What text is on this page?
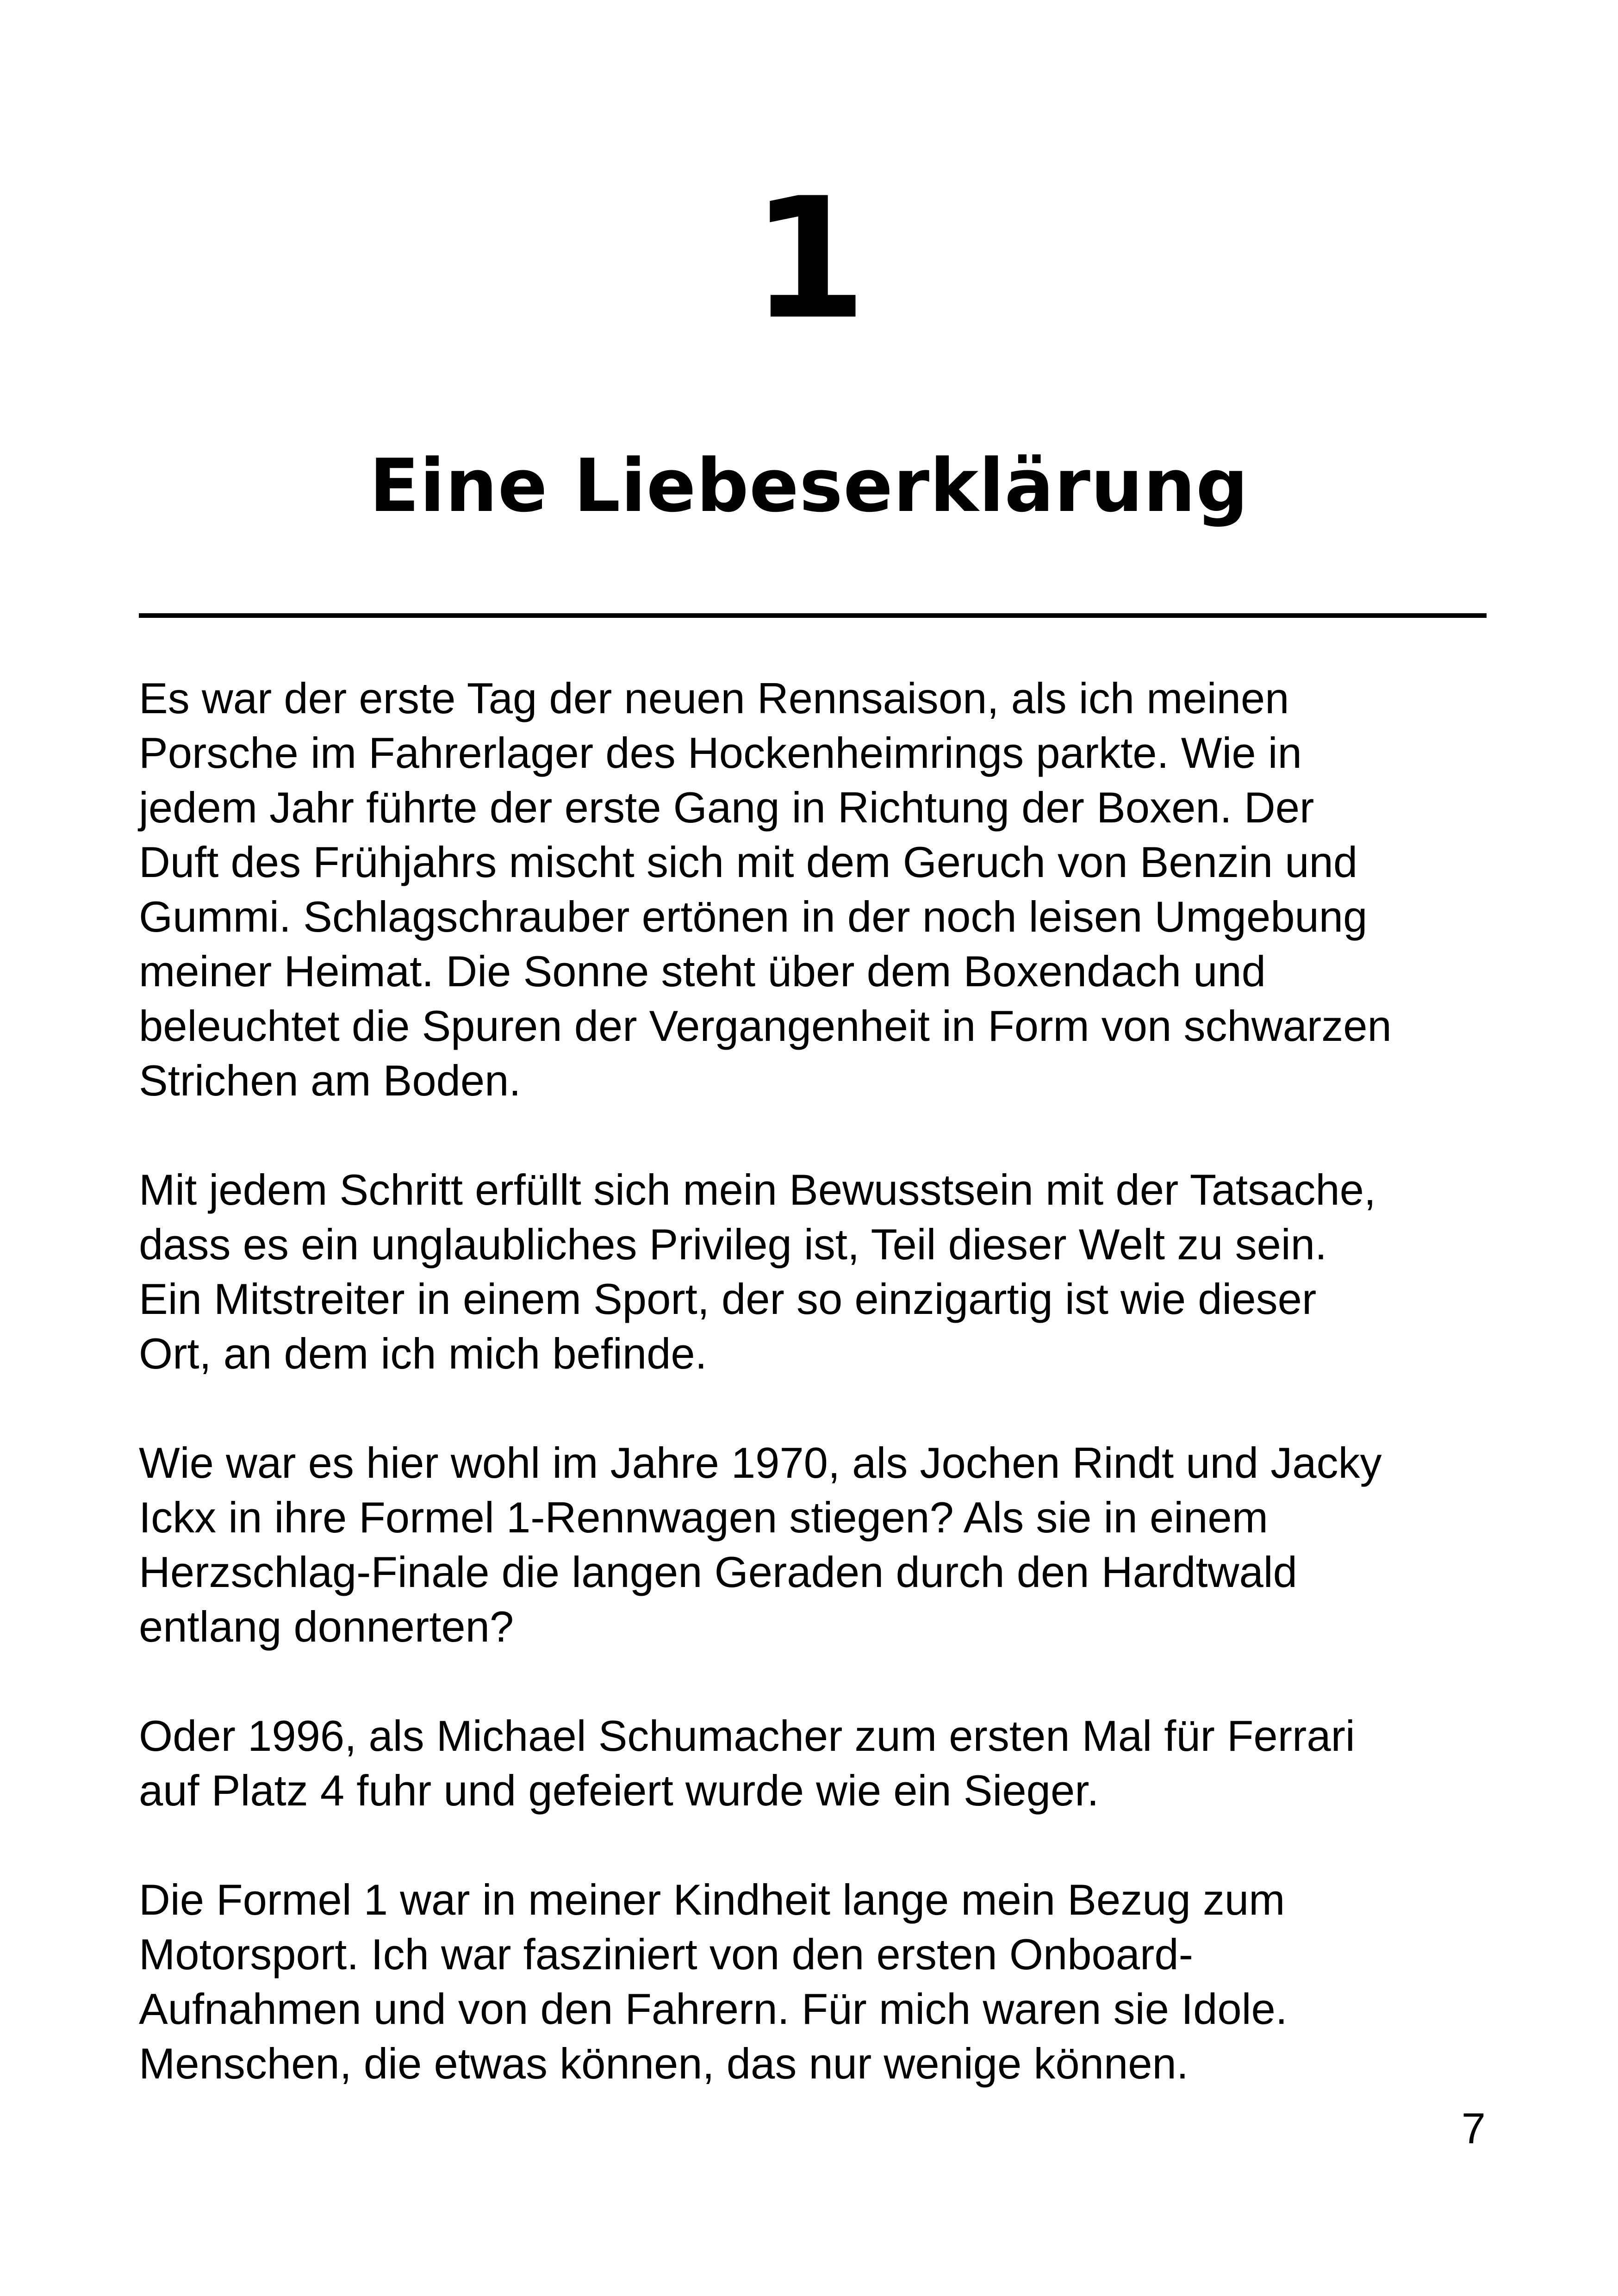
1
Eine Liebeserklärung

Es war der erste Tag der neuen Rennsaison, als ich meinen
Porsche im Fahrerlager des Hockenheimrings parkte. Wie in
jedem Jahr führte der erste Gang in Richtung der Boxen. Der
Duft des Frühjahrs mischt sich mit dem Geruch von Benzin und
Gummi. Schlagschrauber ertönen in der noch leisen Umgebung
meiner Heimat. Die Sonne steht über dem Boxendach und
beleuchtet die Spuren der Vergangenheit in Form von schwarzen
Strichen am Boden.

Mit jedem Schritt erfüllt sich mein Bewusstsein mit der Tatsache,
dass es ein unglaubliches Privileg ist, Teil dieser Welt zu sein.
Ein Mitstreiter in einem Sport, der so einzigartig ist wie dieser
Ort, an dem ich mich befinde.

Wie war es hier wohl im Jahre 1970, als Jochen Rindt und Jacky
Ickx in ihre Formel 1-Rennwagen stiegen? Als sie in einem
Herzschlag-Finale die langen Geraden durch den Hardtwald
entlang donnerten?

Oder 1996, als Michael Schumacher zum ersten Mal für Ferrari
auf Platz 4 fuhr und gefeiert wurde wie ein Sieger.

Die Formel 1 war in meiner Kindheit lange mein Bezug zum
Motorsport. Ich war fasziniert von den ersten Onboard-
Aufnahmen und von den Fahrern. Für mich waren sie Idole.
Menschen, die etwas können, das nur wenige können.

7
